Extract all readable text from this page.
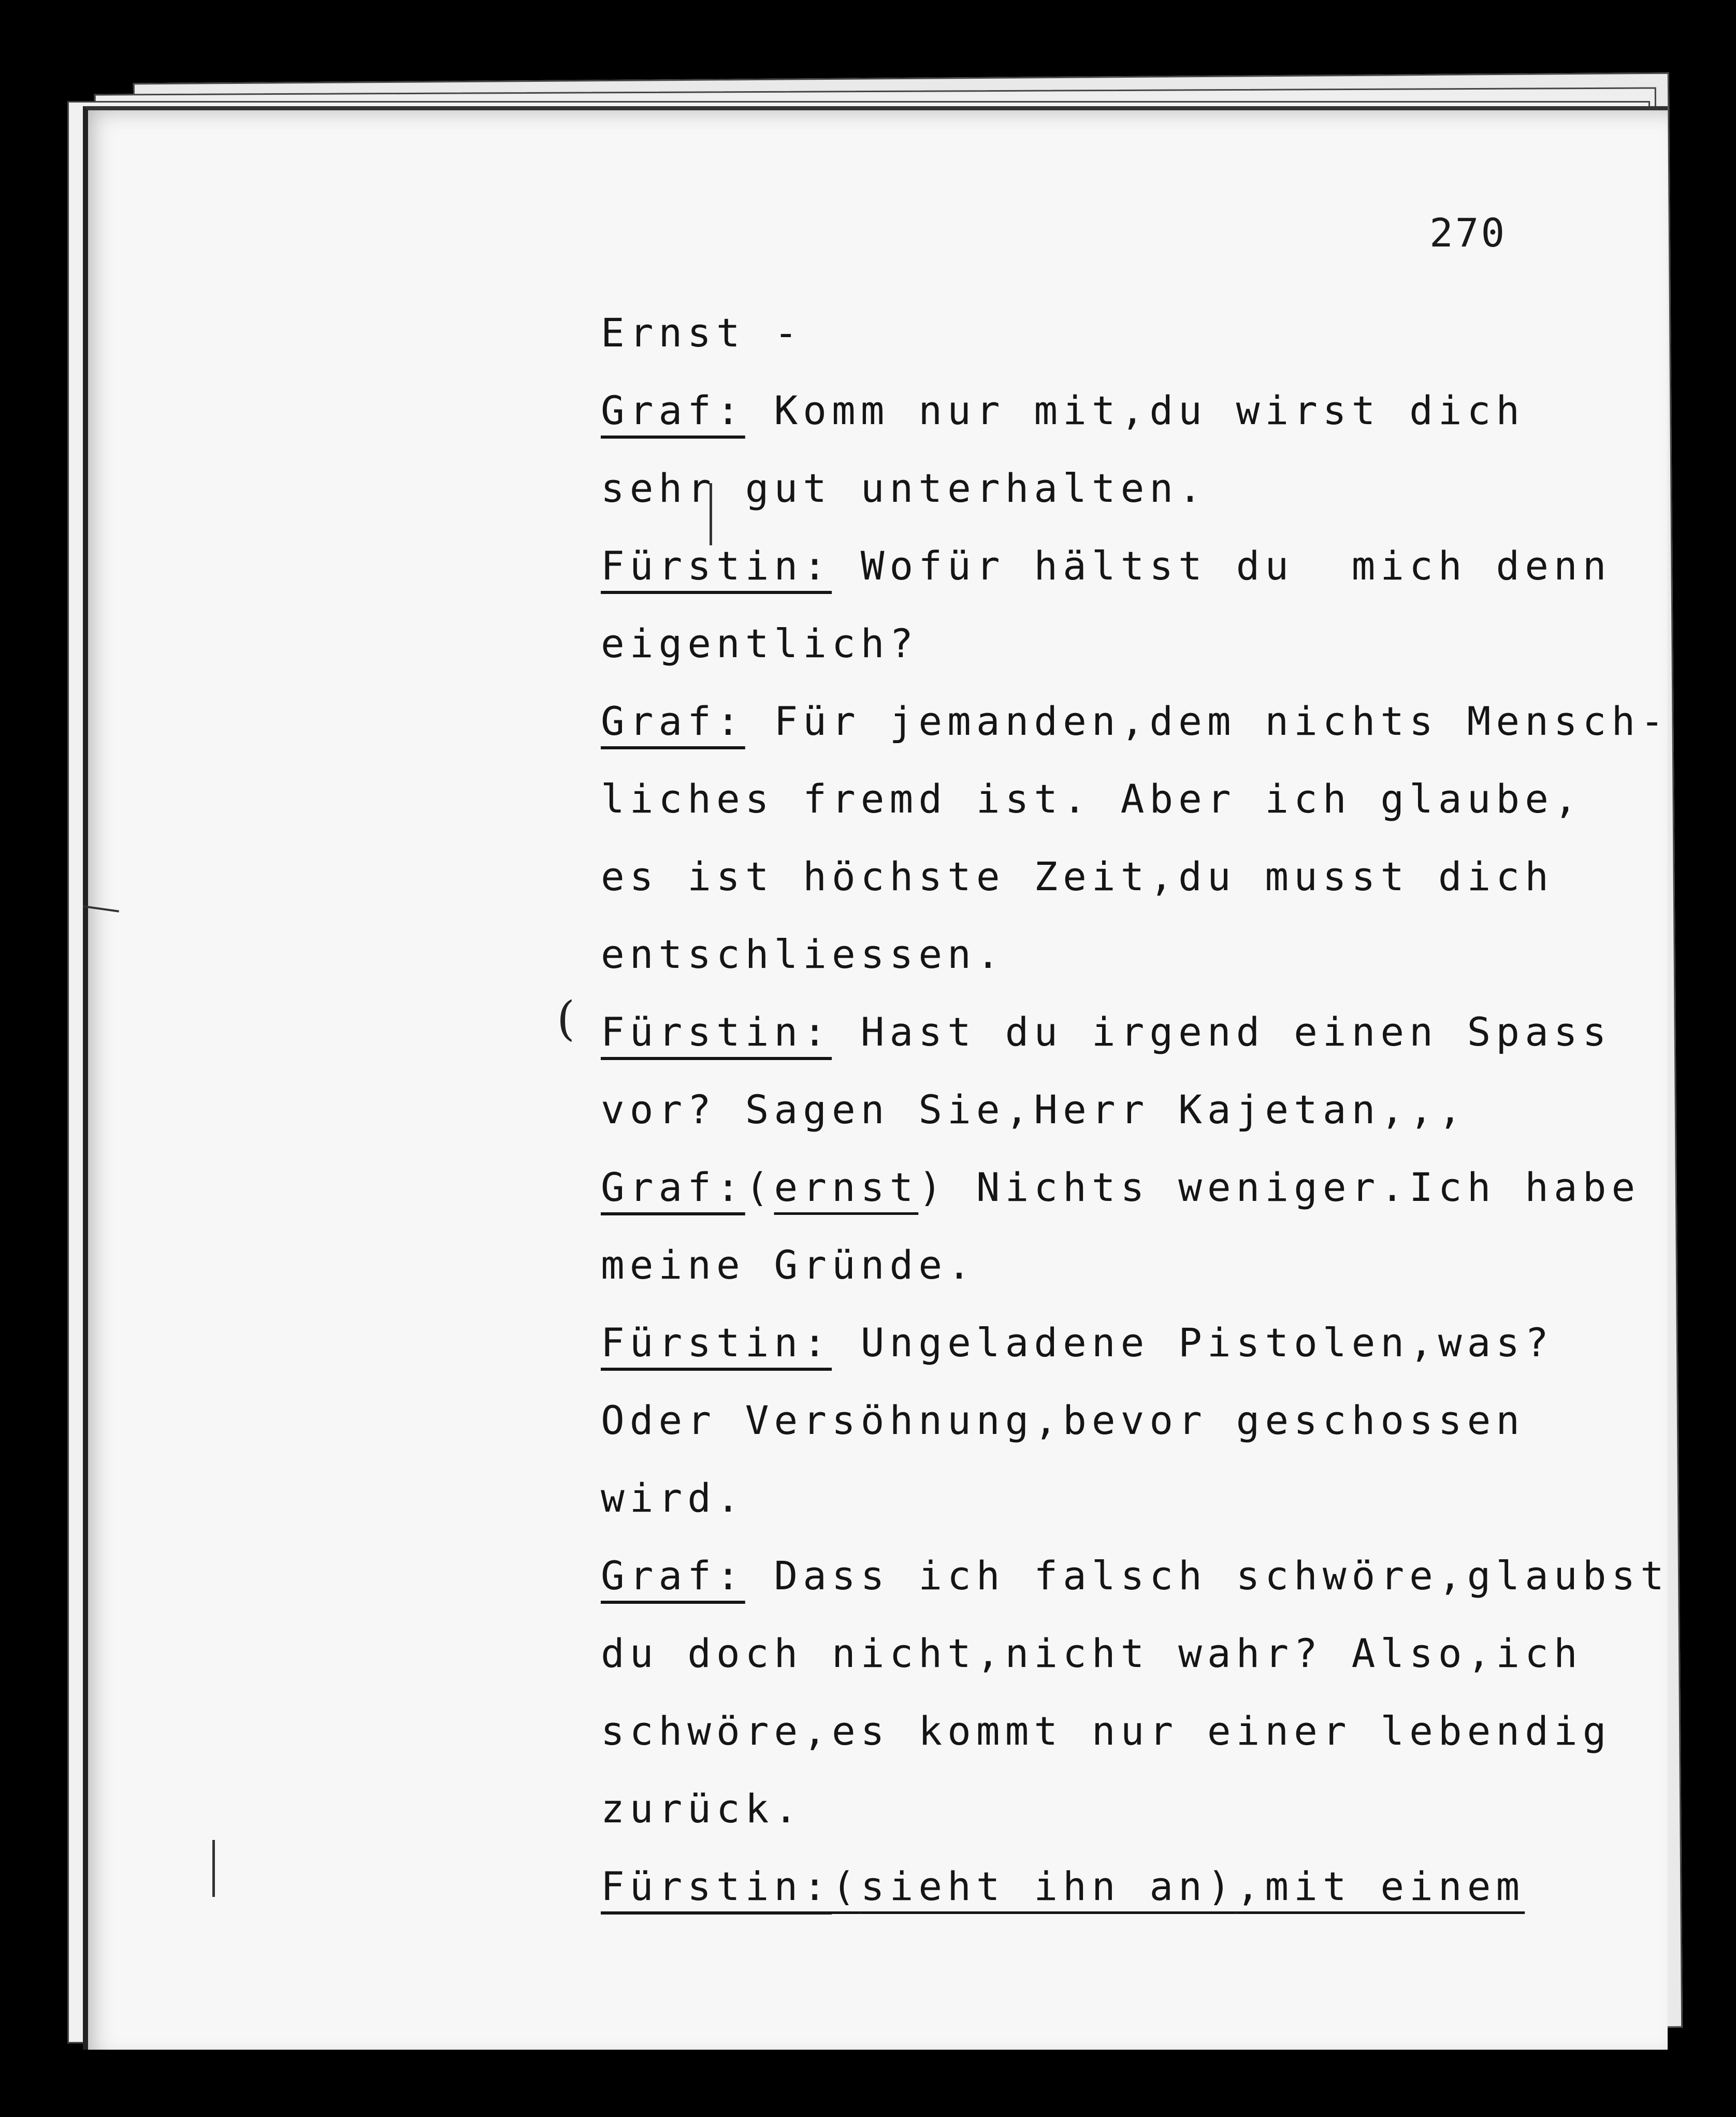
270
(
Ernst -
Graf: Komm nur mit,du wirst dich
sehr gut unterhalten.
Fürstin: Wofür hältst du  mich denn
eigentlich?
Graf: Für jemanden,dem nichts Mensch-
liches fremd ist. Aber ich glaube,
es ist höchste Zeit,du musst dich
entschliessen.
Fürstin: Hast du irgend einen Spass
vor? Sagen Sie,Herr Kajetan,,,
Graf:(ernst) Nichts weniger.Ich habe
meine Gründe.
Fürstin: Ungeladene Pistolen,was?
Oder Versöhnung,bevor geschossen
wird.
Graf: Dass ich falsch schwöre,glaubst
du doch nicht,nicht wahr? Also,ich
schwöre,es kommt nur einer lebendig
zurück.
Fürstin:(sieht ihn an),mit einem
